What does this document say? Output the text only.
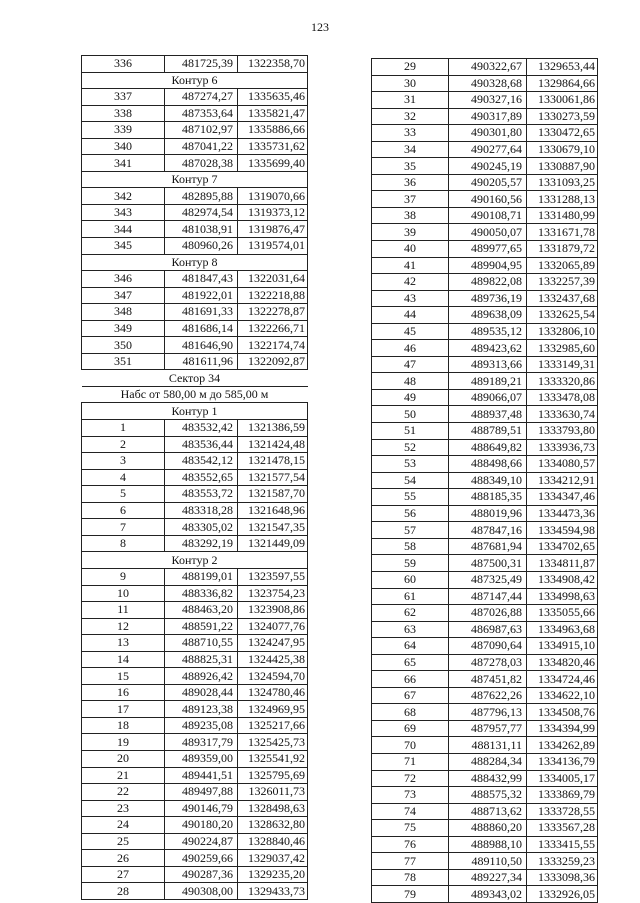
123
336	481725,39	1322358,70
Контур 6		
337	487274,27	1335635,46
338	487353,64	1335821,47
339	487102,97	1335886,66
340	487041,22	1335731,62
341	487028,38	1335699,40
Контур 7		
342	482895,88	1319070,66
343	482974,54	1319373,12
344	481038,91	1319876,47
345	480960,26	1319574,01
Контур 8		
346	481847,43	1322031,64
347	481922,01	1322218,88
348	481691,33	1322278,87
349	481686,14	1322266,71
350	481646,90	1322174,74
351	481611,96	1322092,87
Сектор 34		
Набс от 580,00 м до 585,00 м		
Контур 1		
1	483532,42	1321386,59
2	483536,44	1321424,48
3	483542,12	1321478,15
4	483552,65	1321577,54
5	483553,72	1321587,70
6	483318,28	1321648,96
7	483305,02	1321547,35
8	483292,19	1321449,09
Контур 2		
9	488199,01	1323597,55
10	488336,82	1323754,23
11	488463,20	1323908,86
12	488591,22	1324077,76
13	488710,55	1324247,95
14	488825,31	1324425,38
15	488926,42	1324594,70
16	489028,44	1324780,46
17	489123,38	1324969,95
18	489235,08	1325217,66
19	489317,79	1325425,73
20	489359,00	1325541,92
21	489441,51	1325795,69
22	489497,88	1326011,73
23	490146,79	1328498,63
24	490180,20	1328632,80
25	490224,87	1328840,46
26	490259,66	1329037,42
27	490287,36	1329235,20
28	490308,00	1329433,73
29	490322,67	1329653,44
30	490328,68	1329864,66
31	490327,16	1330061,86
32	490317,89	1330273,59
33	490301,80	1330472,65
34	490277,64	1330679,10
35	490245,19	1330887,90
36	490205,57	1331093,25
37	490160,56	1331288,13
38	490108,71	1331480,99
39	490050,07	1331671,78
40	489977,65	1331879,72
41	489904,95	1332065,89
42	489822,08	1332257,39
43	489736,19	1332437,68
44	489638,09	1332625,54
45	489535,12	1332806,10
46	489423,62	1332985,60
47	489313,66	1333149,31
48	489189,21	1333320,86
49	489066,07	1333478,08
50	488937,48	1333630,74
51	488789,51	1333793,80
52	488649,82	1333936,73
53	488498,66	1334080,57
54	488349,10	1334212,91
55	488185,35	1334347,46
56	488019,96	1334473,36
57	487847,16	1334594,98
58	487681,94	1334702,65
59	487500,31	1334811,87
60	487325,49	1334908,42
61	487147,44	1334998,63
62	487026,88	1335055,66
63	486987,63	1334963,68
64	487090,64	1334915,10
65	487278,03	1334820,46
66	487451,82	1334724,46
67	487622,26	1334622,10
68	487796,13	1334508,76
69	487957,77	1334394,99
70	488131,11	1334262,89
71	488284,34	1334136,79
72	488432,99	1334005,17
73	488575,32	1333869,79
74	488713,62	1333728,55
75	488860,20	1333567,28
76	488988,10	1333415,55
77	489110,50	1333259,23
78	489227,34	1333098,36
79	489343,02	1332926,05
